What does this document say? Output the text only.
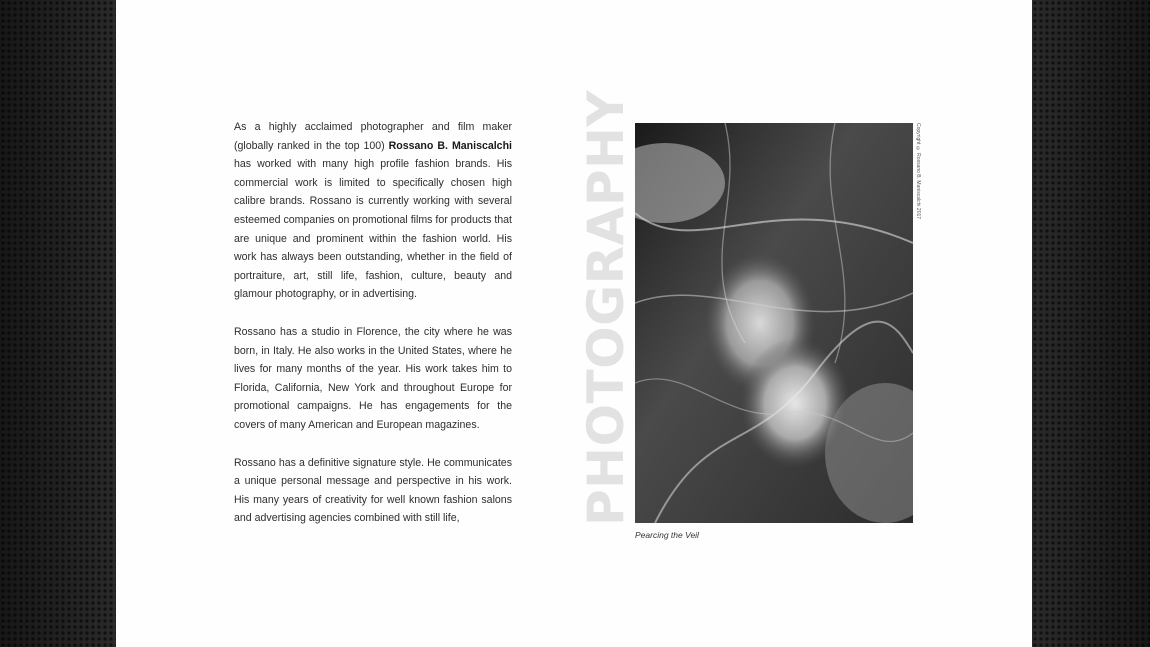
As a highly acclaimed photographer and film maker (globally ranked in the top 100) Rossano B. Maniscalchi has worked with many high profile fashion brands. His commercial work is limited to specifically chosen high calibre brands. Rossano is currently working with several esteemed companies on promotional films for products that are unique and prominent within the fashion world. His work has always been outstanding, whether in the field of portraiture, art, still life, fashion, culture, beauty and glamour photography, or in advertising.

Rossano has a studio in Florence, the city where he was born, in Italy. He also works in the United States, where he lives for many months of the year. His work takes him to Florida, California, New York and throughout Europe for promotional campaigns. He has engagements for the covers of many American and European magazines.

Rossano has a definitive signature style. He communicates a unique personal message and perspective in his work. His many years of creativity for well known fashion salons and advertising agencies combined with still life,	PHOTOGRAPHY	Copyright © Rossano B. Maniscalchi 2017
Pearcing the Veil
